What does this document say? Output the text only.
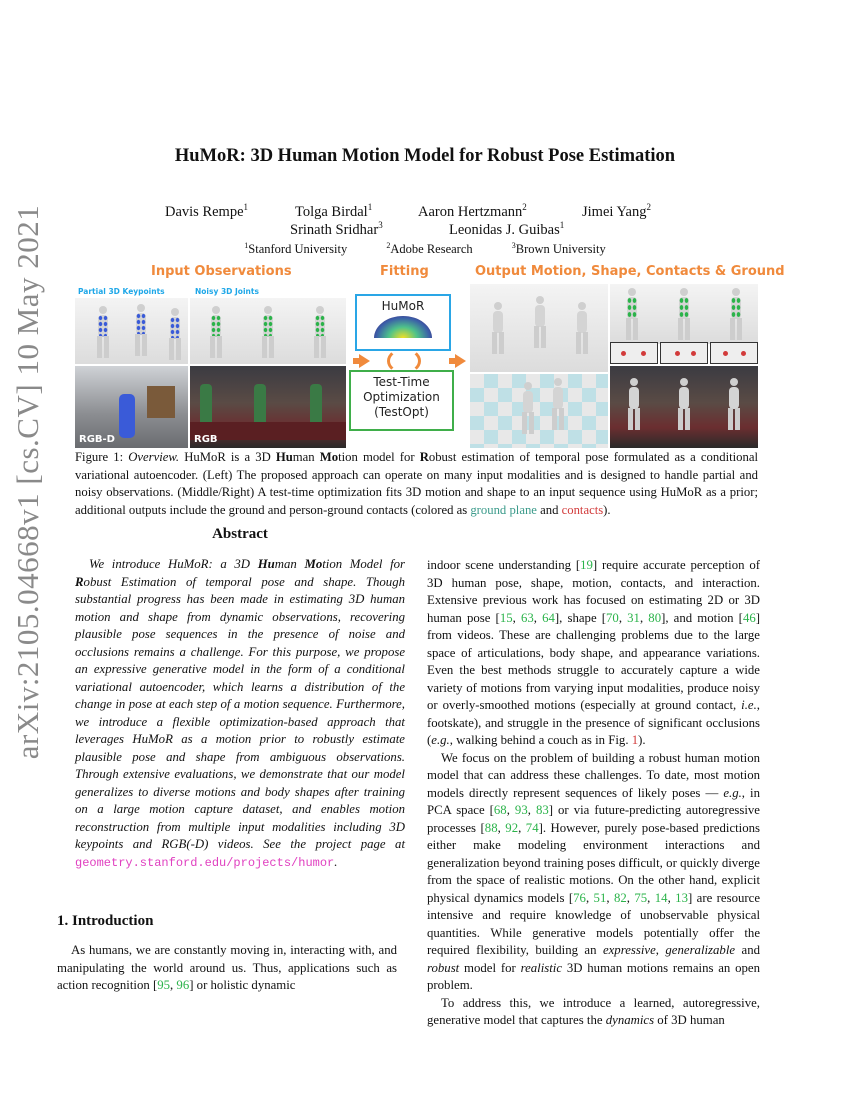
arXiv:2105.04668v1 [cs.CV] 10 May 2021
HuMoR: 3D Human Motion Model for Robust Pose Estimation
Davis Rempe$^1$	Tolga Birdal$^1$	Aaron Hertzmann$^2$	Jimei Yang$^2$
Srinath Sridhar$^3$	Leonidas J. Guibas$^1$
$^1$Stanford University	$^2$Adobe Research	$^3$Brown University
Input Observations	Fitting	Output Motion, Shape, Contacts & Ground
Partial 3D Keypoints	Noisy 3D Joints
RGB-D	RGB
HuMoR
Test-Time
Optimization
(TestOpt)
Figure 1: Overview. HuMoR is a 3D Human Motion model for Robust estimation of temporal pose formulated as a conditional variational autoencoder. (Left) The proposed approach can operate on many input modalities and is designed to handle partial and noisy observations. (Middle/Right) A test-time optimization fits 3D motion and shape to an input sequence using HuMoR as a prior; additional outputs include the ground and person-ground contacts (colored as ground plane and contacts).
Abstract
We introduce HuMoR: a 3D Human Motion Model for Robust Estimation of temporal pose and shape. Though substantial progress has been made in estimating 3D human motion and shape from dynamic observations, recovering plausible pose sequences in the presence of noise and occlusions remains a challenge. For this purpose, we propose an expressive generative model in the form of a conditional variational autoencoder, which learns a distribution of the change in pose at each step of a motion sequence. Furthermore, we introduce a flexible optimization-based approach that leverages HuMoR as a motion prior to robustly estimate plausible pose and shape from ambiguous observations. Through extensive evaluations, we demonstrate that our model generalizes to diverse motions and body shapes after training on a large motion capture dataset, and enables motion reconstruction from multiple input modalities including 3D keypoints and RGB(-D) videos. See the project page at geometry.stanford.edu/projects/humor.
1. Introduction
As humans, we are constantly moving in, interacting with, and manipulating the world around us. Thus, applications such as action recognition [95, 96] or holistic dynamic

indoor scene understanding [19] require accurate perception of 3D human pose, shape, motion, contacts, and interaction. Extensive previous work has focused on estimating 2D or 3D human pose [15, 63, 64], shape [70, 31, 80], and motion [46] from videos. These are challenging problems due to the large space of articulations, body shape, and appearance variations. Even the best methods struggle to accurately capture a wide variety of motions from varying input modalities, produce noisy or overly-smoothed motions (especially at ground contact, i.e., footskate), and struggle in the presence of significant occlusions (e.g., walking behind a couch as in Fig. 1).

We focus on the problem of building a robust human motion model that can address these challenges. To date, most motion models directly represent sequences of likely poses — e.g., in PCA space [68, 93, 83] or via future-predicting autoregressive processes [88, 92, 74]. However, purely pose-based predictions either make modeling environment interactions and generalization beyond training poses difficult, or quickly diverge from the space of realistic motions. On the other hand, explicit physical dynamics models [76, 51, 82, 75, 14, 13] are resource intensive and require knowledge of unobservable physical quantities. While generative models potentially offer the required flexibility, building an expressive, generalizable and robust model for realistic 3D human motions remains an open problem.

To address this, we introduce a learned, autoregressive, generative model that captures the dynamics of 3D human
